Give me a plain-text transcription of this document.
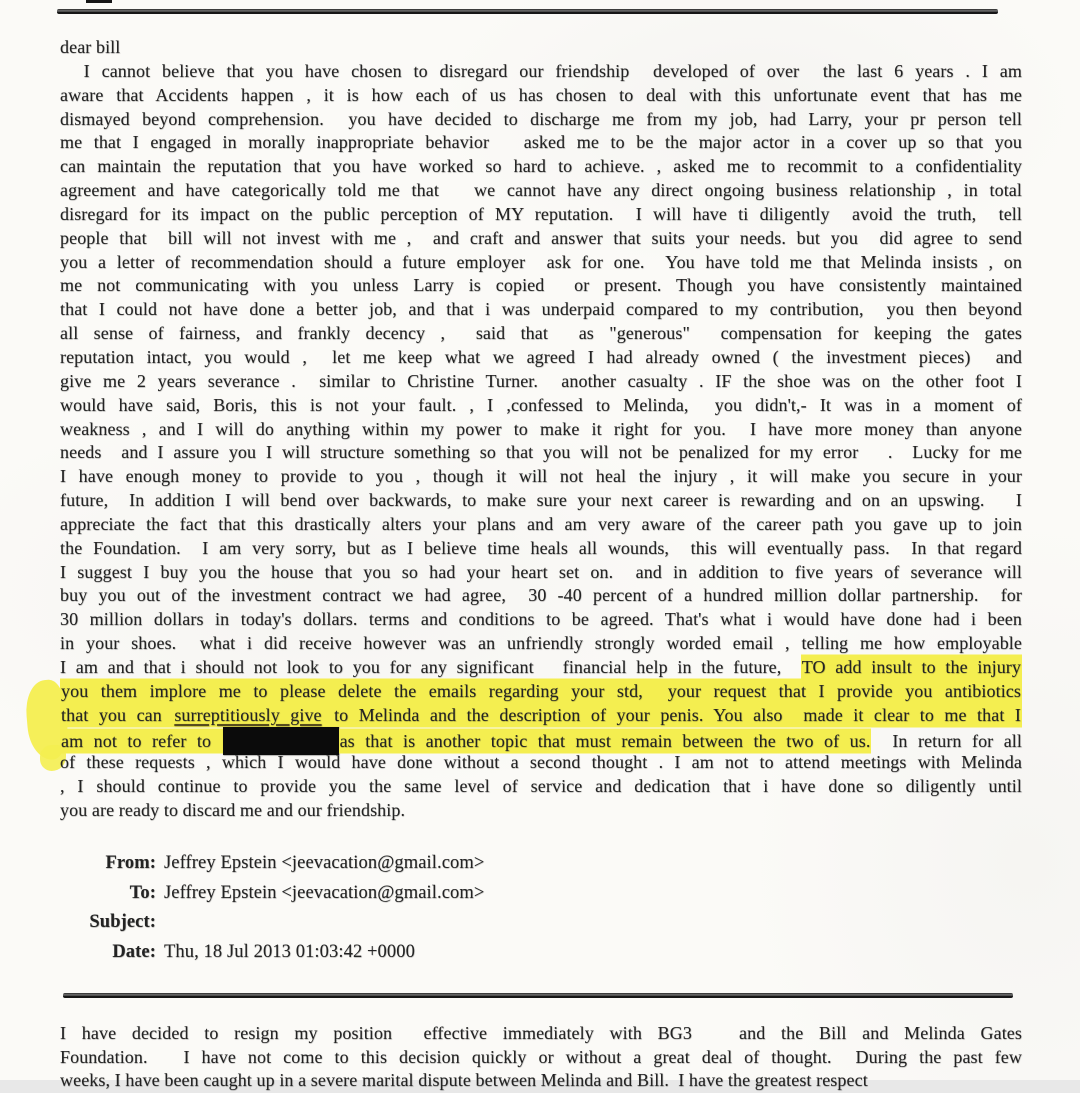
dear bill
I cannot believe that you have chosen to disregard our friendship  developed of over  the last 6 years . I am
aware that Accidents happen , it is how each of us has chosen to deal with this unfortunate event that has me
dismayed beyond comprehension.  you have decided to discharge me from my job, had Larry, your pr person tell
me that I engaged in morally inappropriate behavior   asked me to be the major actor in a cover up so that you
can maintain the reputation that you have worked so hard to achieve. , asked me to recommit to a confidentiality
agreement and have categorically told me that   we cannot have any direct ongoing business relationship , in total
disregard for its impact on the public perception of MY reputation.  I will have ti diligently  avoid the truth,  tell
people that  bill will not invest with me ,  and craft and answer that suits your needs. but you  did agree to send
you a letter of recommendation should a future employer  ask for one.  You have told me that Melinda insists , on
me not communicating with you unless Larry is copied  or present. Though you have consistently maintained
that I could not have done a better job, and that i was underpaid compared to my contribution,  you then beyond
all sense of fairness, and frankly decency ,  said that  as "generous"  compensation for keeping the gates
reputation intact, you would ,  let me keep what we agreed I had already owned ( the investment pieces)  and
give me 2 years severance .  similar to Christine Turner.  another casualty . IF the shoe was on the other foot I
would have said, Boris, this is not your fault. , I ,confessed to Melinda,  you didn't,- It was in a moment of
weakness , and I will do anything within my power to make it right for you.  I have more money than anyone
needs  and I assure you I will structure something so that you will not be penalized for my error   .  Lucky for me
I have enough money to provide to you , though it will not heal the injury , it will make you secure in your
future,  In addition I will bend over backwards, to make sure your next career is rewarding and on an upswing.   I
appreciate the fact that this drastically alters your plans and am very aware of the career path you gave up to join
the Foundation.  I am very sorry, but as I believe time heals all wounds,  this will eventually pass.  In that regard
I suggest I buy you the house that you so had your heart set on.  and in addition to five years of severance will
buy you out of the investment contract we had agree,  30 -40 percent of a hundred million dollar partnership.  for
30 million dollars in today's dollars. terms and conditions to be agreed. That's what i would have done had i been
in your shoes.  what i did receive however was an unfriendly strongly worded email , telling me how employable
I am and that i should not look to you for any significant   financial help in the future,  TO add insult to the injury
you them implore me to please delete the emails regarding your std,  your request that I provide you antibiotics
that you can surreptitiously give to Melinda and the description of your penis. You also  made it clear to me that I
am not to refer to	as that is another topic that must remain between the two of us.  In return for all
of these requests , which I would have done without a second thought . I am not to attend meetings with Melinda
, I should continue to provide you the same level of service and dedication that i have done so diligently until
you are ready to discard me and our friendship.
From: Jeffrey Epstein <jeevacation@gmail.com>
To: Jeffrey Epstein <jeevacation@gmail.com>
Subject:
Date: Thu, 18 Jul 2013 01:03:42 +0000
I have decided to resign my position  effective immediately with BG3   and the Bill and Melinda Gates
Foundation.   I have not come to this decision quickly or without a great deal of thought.  During the past few
weeks, I have been caught up in a severe marital dispute between Melinda and Bill.  I have the greatest respect
